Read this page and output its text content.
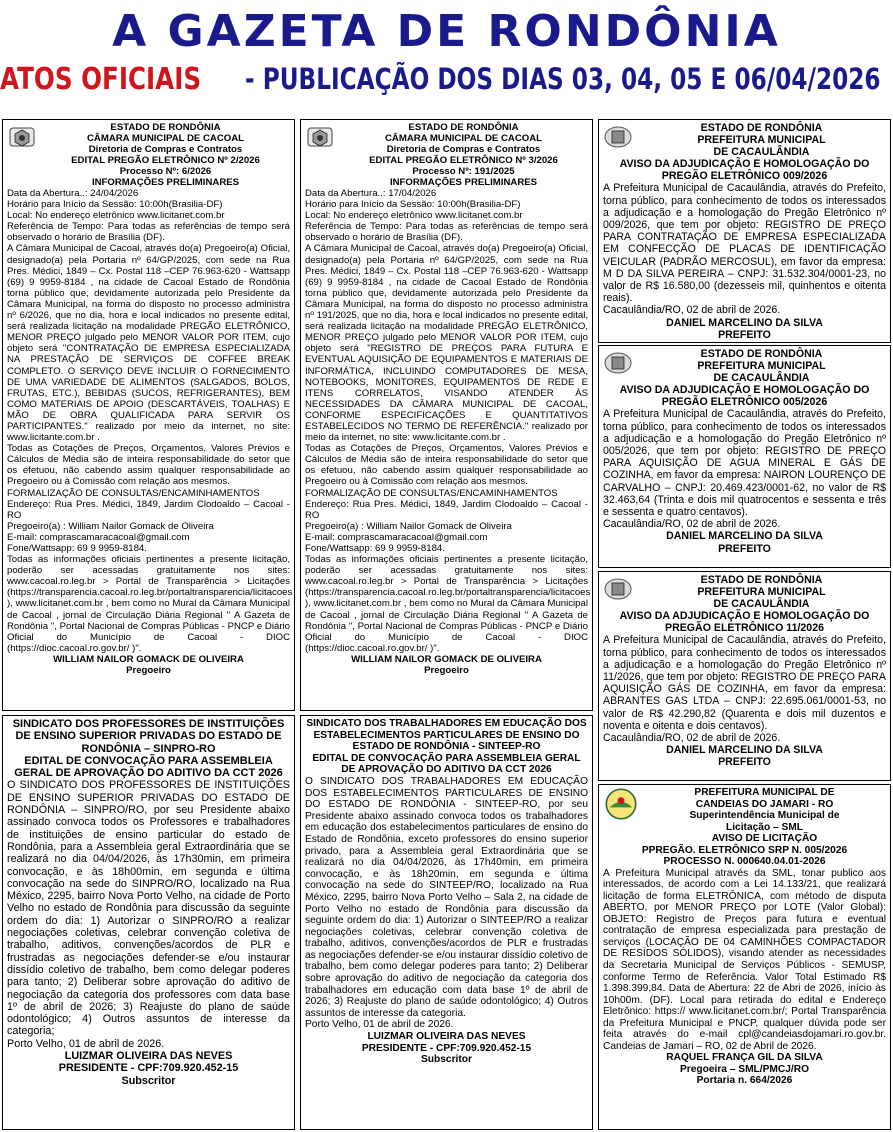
A GAZETA DE RONDÔNIA
ATOS OFICIAIS- PUBLICAÇÃO DOS DIAS 03, 04, 05 E 06/04/2026
ESTADO DE RONDÔNIA
CÂMARA MUNICIPAL DE CACOAL
Diretoria de Compras e Contratos
EDITAL PREGÃO ELETRÔNICO Nº 2/2026
Processo Nº: 6/2026
INFORMAÇÕES PRELIMINARES

Data da Abertura..: 24/04/2026
Horário para Início da Sessão: 10:00h(Brasilia-DF)
Local: No endereço eletrônico www.licitanet.com.br
Referência de Tempo: Para todas as referências de tempo será observado o horário de Brasília (DF).
A Câmara Municipal de Cacoal, através do(a) Pregoeiro(a) Oficial, designado(a) pela Portaria nº 64/GP/2025, com sede na Rua Pres. Médici, 1849 – Cx. Postal 118 –CEP 76.963-620 - Wattsapp (69) 9 9959-8184 , na cidade de Cacoal Estado de Rondônia torna público que, devidamente autorizada pelo Presidente da Câmara Municipal, na forma do disposto no processo administra nº 6/2026, que no dia, hora e local indicados no presente edital, será realizada licitação na modalidade PREGÃO ELETRÔNICO, MENOR PREÇO julgado pelo MENOR VALOR POR ITEM, cujo objeto será "CONTRATAÇÃO DE EMPRESA ESPECIALIZADA NA PRESTAÇÃO DE SERVIÇOS DE COFFEE BREAK COMPLETO. O SERVIÇO DEVE INCLUIR O FORNECIMENTO DE UMA VARIEDADE DE ALIMENTOS (SALGADOS, BOLOS, FRUTAS, ETC.), BEBIDAS (SUCOS, REFRIGERANTES), BEM COMO MATERIAIS DE APOIO (DESCARTÁVEIS, TOALHAS) E MÃO DE OBRA QUALIFICADA PARA SERVIR OS PARTICIPANTES." realizado por meio da internet, no site: www.licitante.com.br .
Todas as Cotações de Preços, Orçamentos, Valores Prévios e Cálculos de Média são de inteira responsabilidade do setor que os efetuou, não cabendo assim qualquer responsabilidade ao Pregoeiro ou à Comissão com relação aos mesmos.
FORMALIZAÇÃO DE CONSULTAS/ENCAMINHAMENTOS
Endereço: Rua Pres. Médici, 1849, Jardim Clodoaldo – Cacoal - RO
Pregoeiro(a) : William Nailor Gomack de Oliveira
E-mail: comprascamaracacoal@gmail.com
Fone/Wattsapp: 69 9 9959-8184.
Todas as informações oficiais pertinentes a presente licitação, poderão ser acessadas gratuitamente nos sites: www.cacoal.ro.leg.br > Portal de Transparência > Licitações (https://transparencia.cacoal.ro.leg.br/portaltransparencia/licitacoes ), www.licitanet.com.br , bem como no Mural da Câmara Municipal de Cacoal , jornal de Circulação Diária Regional " A Gazeta de Rondônia ", Portal Nacional de Compras Públicas - PNCP e Diário Oficial do Município de Cacoal - DIOC (https://dioc.cacoal.ro.gov.br/ )".

WILLIAM NAILOR GOMACK DE OLIVEIRA
Pregoeiro
ESTADO DE RONDÔNIA
CÂMARA MUNICIPAL DE CACOAL
Diretoria de Compras e Contratos
EDITAL PREGÃO ELETRÔNICO Nº 3/2026
Processo Nº: 191/2025
INFORMAÇÕES PRELIMINARES

Data da Abertura..: 17/04/2026
Horário para Início da Sessão: 10:00h(Brasilia-DF)
Local: No endereço eletrônico www.licitanet.com.br
Referência de Tempo: Para todas as referências de tempo será observado o horário de Brasília (DF).
A Câmara Municipal de Cacoal, através do(a) Pregoeiro(a) Oficial, designado(a) pela Portaria nº 64/GP/2025, com sede na Rua Pres. Médici, 1849 – Cx. Postal 118 –CEP 76.963-620 - Wattsapp (69) 9 9959-8184 , na cidade de Cacoal Estado de Rondônia torna público que, devidamente autorizada pelo Presidente da Câmara Municipal, na forma do disposto no processo administra nº 191/2025, que no dia, hora e local indicados no presente edital, será realizada licitação na modalidade PREGÃO ELETRÔNICO, MENOR PREÇO julgado pelo MENOR VALOR POR ITEM, cujo objeto será "REGISTRO DE PREÇOS PARA FUTURA E EVENTUAL AQUISIÇÃO DE EQUIPAMENTOS E MATERIAIS DE INFORMÁTICA, INCLUINDO COMPUTADORES DE MESA, NOTEBOOKS, MONITORES, EQUIPAMENTOS DE REDE E ITENS CORRELATOS, VISANDO ATENDER ÀS NECESSIDADES DA CÂMARA MUNICIPAL DE CACOAL, CONFORME ESPECIFICAÇÕES E QUANTITATIVOS ESTABELECIDOS NO TERMO DE REFERÊNCIA." realizado por meio da internet, no site: www.licitante.com.br .
Todas as Cotações de Preços, Orçamentos, Valores Prévios e Cálculos de Média são de inteira responsabilidade do setor que os efetuou, não cabendo assim qualquer responsabilidade ao Pregoeiro ou à Comissão com relação aos mesmos.
FORMALIZAÇÃO DE CONSULTAS/ENCAMINHAMENTOS
Endereço: Rua Pres. Médici, 1849, Jardim Clodoaldo – Cacoal - RO
Pregoeiro(a) : William Nailor Gomack de Oliveira
E-mail: comprascamaracacoal@gmail.com
Fone/Wattsapp: 69 9 9959-8184.
Todas as informações oficiais pertinentes a presente licitação, poderão ser acessadas gratuitamente nos sites: www.cacoal.ro.leg.br > Portal de Transparência > Licitações (https://transparencia.cacoal.ro.leg.br/portaltransparencia/licitacoes ), www.licitanet.com.br , bem como no Mural da Câmara Municipal de Cacoal , jornal de Circulação Diária Regional " A Gazeta de Rondônia ", Portal Nacional de Compras Públicas - PNCP e Diário Oficial do Município de Cacoal - DIOC (https://dioc.cacoal.ro.gov.br/ )".

WILLIAM NAILOR GOMACK DE OLIVEIRA
Pregoeiro
ESTADO DE RONDÔNIA
PREFEITURA MUNICIPAL
DE CACAULÂNDIA
AVISO DA ADJUDICAÇÃO E HOMOLOGAÇÃO DO PREGÃO ELETRÔNICO 009/2026

A Prefeitura Municipal de Cacaulândia, através do Prefeito, torna público, para conhecimento de todos os interessados a adjudicação e a homologação do Pregão Eletrônico nº 009/2026, que tem por objeto: REGISTRO DE PREÇO PARA CONTRATAÇÃO DE EMPRESA ESPECIALIZADA EM CONFECÇÃO DE PLACAS DE IDENTIFICAÇÃO VEICULAR (PADRÃO MERCOSUL), em favor da empresa: M D DA SILVA PEREIRA – CNPJ: 31.532.304/0001-23, no valor de R$ 16.580,00 (dezesseis mil, quinhentos e oitenta reais).

Cacaulândia/RO, 02 de abril de 2026.

DANIEL MARCELINO DA SILVA
PREFEITO
ESTADO DE RONDÔNIA
PREFEITURA MUNICIPAL
DE CACAULÂNDIA
AVISO DA ADJUDICAÇÃO E HOMOLOGAÇÃO DO PREGÃO ELETRÔNICO 005/2026

A Prefeitura Municipal de Cacaulândia, através do Prefeito, torna público, para conhecimento de todos os interessados a adjudicação e a homologação do Pregão Eletrônico nº 005/2026, que tem por objeto: REGISTRO DE PREÇO PARA AQUISIÇÃO DE AGUA MINERAL E GÁS DE COZINHA, em favor da empresa: NAIRON LOURENÇO DE CARVALHO – CNPJ: 20.469.423/0001-62, no valor de R$ 32.463,64 (Trinta e dois mil quatrocentos e sessenta e três e sessenta e quatro centavos).

Cacaulândia/RO, 02 de abril de 2026.

DANIEL MARCELINO DA SILVA
PREFEITO
ESTADO DE RONDÔNIA
PREFEITURA MUNICIPAL
DE CACAULÂNDIA
AVISO DA ADJUDICAÇÃO E HOMOLOGAÇÃO DO PREGÃO ELETRÔNICO 11/2026

A Prefeitura Municipal de Cacaulândia, através do Prefeito, torna público, para conhecimento de todos os interessados a adjudicação e a homologação do Pregão Eletrônico nº 11/2026, que tem por objeto: REGISTRO DE PREÇO PARA AQUISIÇÃO GÁS DE COZINHA, em favor da empresa: ABRANTES GAS LTDA – CNPJ: 22.695.061/0001-53, no valor de R$ 42.290,82 (Quarenta e dois mil duzentos e noventa e oitenta e dois centavos).

Cacaulândia/RO, 02 de abril de 2026.

DANIEL MARCELINO DA SILVA
PREFEITO
PREFEITURA MUNICIPAL DE
CANDEIAS DO JAMARI - RO
Superintendência Municipal de
Licitação – SML
AVISO DE LICITAÇÃO
PPREGÃO. ELETRÔNICO SRP N. 005/2026
PROCESSO N. 000640.04.01-2026

A Prefeitura Municipal através da SML, tonar publico aos interessados, de acordo com a Lei 14.133/21, que realizará licitação de forma ELETRÔNICA, com método de disputa ABERTO, por MENOR PREÇO por LOTE (Valor Global): OBJETO: Registro de Preços para futura e eventual contratação de empresa especializada para prestação de serviços (LOCAÇÃO DE 04 CAMINHÕES COMPACTADOR DE RESÍDOS SÓLIDOS), visando atender as necessidades da Secretaria Municipal de Serviços Públicos - SEMUSP, conforme Termo de Referência. Valor Total Estimado R$ 1.398.399,84. Data de Abertura: 22 de Abri de 2026, início às 10h00m. (DF). Local para retirada do edital e Endereço Eletrônico: https:// www.licitanet.com.br/; Portal Transparência da Prefeitura Municipal e PNCP, qualquer dúvida pode ser feita através do e-mail cpl@candeiasdojamari.ro.gov.br. Candeias de Jamari – RO, 02 de Abril de 2026.

RAQUEL FRANÇA GIL DA SILVA
Pregoeira – SML/PMCJ/RO
Portaria n. 664/2026
SINDICATO DOS PROFESSORES DE INSTITUIÇÕES DE ENSINO SUPERIOR PRIVADAS DO ESTADO DE RONDÔNIA – SINPRO-RO
EDITAL DE CONVOCAÇÃO PARA ASSEMBLEIA GERAL DE APROVAÇÃO DO ADITIVO DA CCT 2026

O SINDICATO DOS PROFESSORES DE INSTITUIÇÕES DE ENSINO SUPERIOR PRIVADAS DO ESTADO DE RONDÔNIA – SINPRO/RO, por seu Presidente abaixo assinado convoca todos os Professores e trabalhadores de instituições de ensino particular do estado de Rondônia, para a Assembleia geral Extraordinária que se realizará no dia 04/04/2026, às 17h30min, em primeira convocação, e às 18h00min, em segunda e última convocação na sede do SINPRO/RO, localizado na Rua México, 2295, bairro Nova Porto Velho, na cidade de Porto Velho no estado de Rondônia para discussão da seguinte ordem do dia: 1) Autorizar o SINPRO/RO a realizar negociações coletivas, celebrar convenção coletiva de trabalho, aditivos, convenções/acordos de PLR e frustradas as negociações defender-se e/ou instaurar dissídio coletivo de trabalho, bem como delegar poderes para tanto; 2) Deliberar sobre aprovação do aditivo de negociação da categoria dos professores com data base 1º de abril de 2026; 3) Reajuste do plano de saúde odontológico; 4) Outros assuntos de interesse da categoria;

Porto Velho, 01 de abril de 2026.

LUIZMAR OLIVEIRA DAS NEVES
PRESIDENTE - CPF:709.920.452-15
Subscritor
SINDICATO DOS TRABALHADORES EM EDUCAÇÃO DOS ESTABELECIMENTOS PARTICULARES DE ENSINO DO ESTADO DE RONDÔNIA - SINTEEP-RO
EDITAL DE CONVOCAÇÃO PARA ASSEMBLEIA GERAL DE APROVAÇÃO DO ADITIVO DA CCT 2026

O SINDICATO DOS TRABALHADORES EM EDUCAÇÃO DOS ESTABELECIMENTOS PARTICULARES DE ENSINO DO ESTADO DE RONDÔNIA - SINTEEP-RO, por seu Presidente abaixo assinado convoca todos os trabalhadores em educação dos estabelecimentos particulares de ensino do Estado de Rondônia, exceto professores do ensino superior privado, para a Assembleia geral Extraordinária que se realizará no dia 04/04/2026, às 17h40min, em primeira convocação, e às 18h20min, em segunda e última convocação na sede do SINTEEP/RO, localizado na Rua México, 2295, bairro Nova Porto Velho – Sala 2, na cidade de Porto Velho no estado de Rondônia para discussão da seguinte ordem do dia: 1) Autorizar o SINTEEP/RO a realizar negociações coletivas, celebrar convenção coletiva de trabalho, aditivos, convenções/acordos de PLR e frustradas as negociações defender-se e/ou instaurar dissídio coletivo de trabalho, bem como delegar poderes para tanto; 2) Deliberar sobre aprovação do aditivo de negociação da categoria dos trabalhadores em educação com data base 1º de abril de 2026; 3) Reajuste do plano de saúde odontológico; 4) Outros assuntos de interesse da categoria.

Porto Velho, 01 de abril de 2026.

LUIZMAR OLIVEIRA DAS NEVES
PRESIDENTE - CPF:709.920.452-15
Subscritor
